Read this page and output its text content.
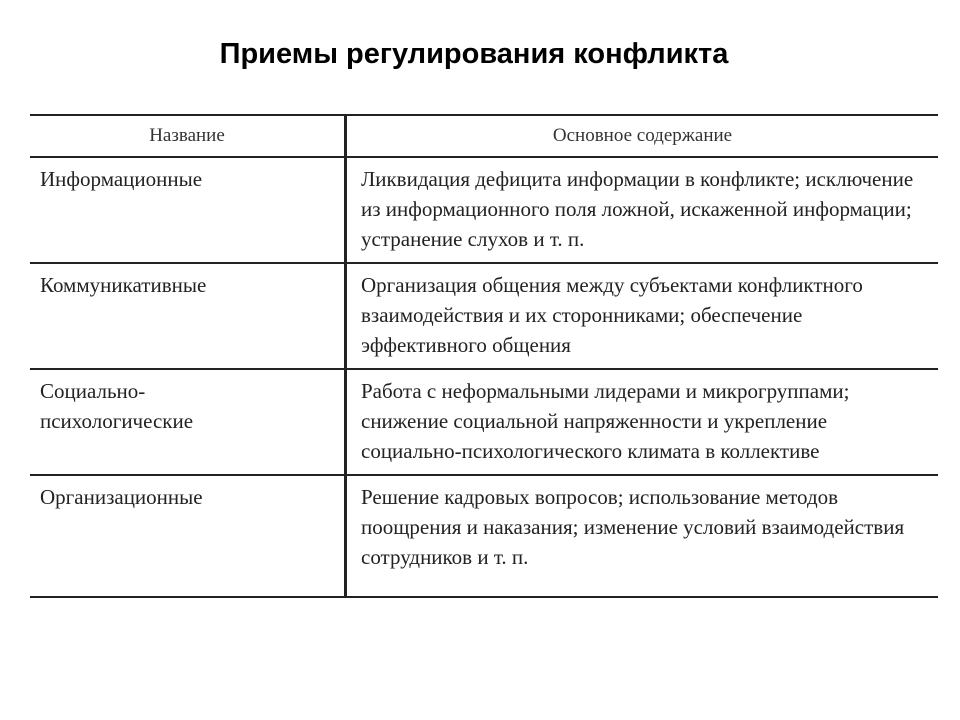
Приемы регулирования конфликта
Название	Основное содержание

Информационные	Ликвидация дефицита информации в конфликте; исключение из информационного поля ложной, искаженной информации; устранение слухов и т. п.

Коммуникативные	Организация общения между субъектами конфликтного взаимодействия и их сторонниками; обеспечение эффективного общения

Социально-психологические	Работа с неформальными лидерами и микрогруппами; снижение социальной напряженности и укрепление социально-психологического климата в коллективе

Организационные	Решение кадровых вопросов; использование методов поощрения и наказания; изменение условий взаимодействия сотрудников и т. п.
